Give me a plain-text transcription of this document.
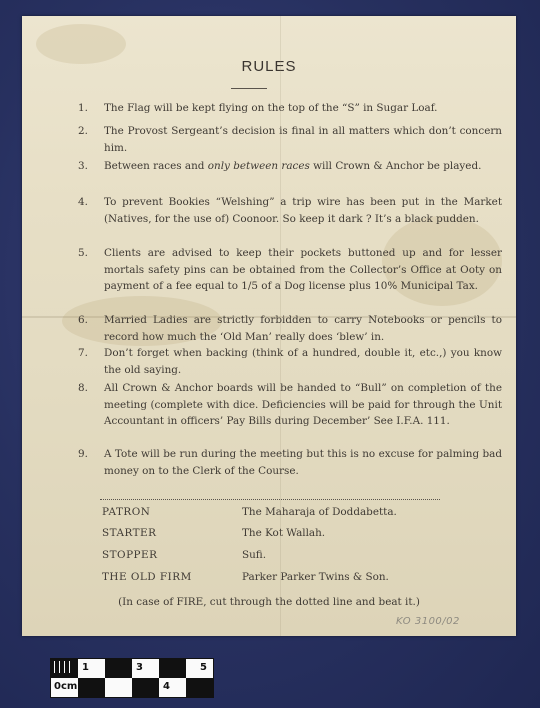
RULES
1.	The Flag will be kept flying on the top of the “S” in Sugar Loaf.
2.	The Provost Sergeant’s decision is final in all matters which don’t concern him.
3.	Between races and only between races will Crown & Anchor be played.
4.	To prevent Bookies “Welshing” a trip wire has been put in the Market (Natives, for the use of) Coonoor. So keep it dark ? It’s a black pudden.
5.	Clients are advised to keep their pockets buttoned up and for lesser mortals safety pins can be obtained from the Collector’s Office at Ooty on payment of a fee equal to 1/5 of a Dog license plus 10% Municipal Tax.
6.	Married Ladies are strictly forbidden to carry Notebooks or pencils to record how much the ‘Old Man’ really does ‘blew’ in.
7.	Don’t forget when backing (think of a hundred, double it, etc.,) you know the old saying.
8.	All Crown & Anchor boards will be handed to “Bull” on completion of the meeting (complete with dice. Deficiencies will be paid for through the Unit Accountant in officers’ Pay Bills during December’ See I.F.A. 111.
9.	A Tote will be run during the meeting but this is no excuse for palming bad money on to the Clerk of the Course.
PATRON	The Maharaja of Doddabetta.
STARTER	The Kot Wallah.
STOPPER	Sufi.
THE OLD FIRM	Parker Parker Twins & Son.
(In case of FIRE, cut through the dotted line and beat it.)
KO 3100/02
1
2
3
4
5
0cm
